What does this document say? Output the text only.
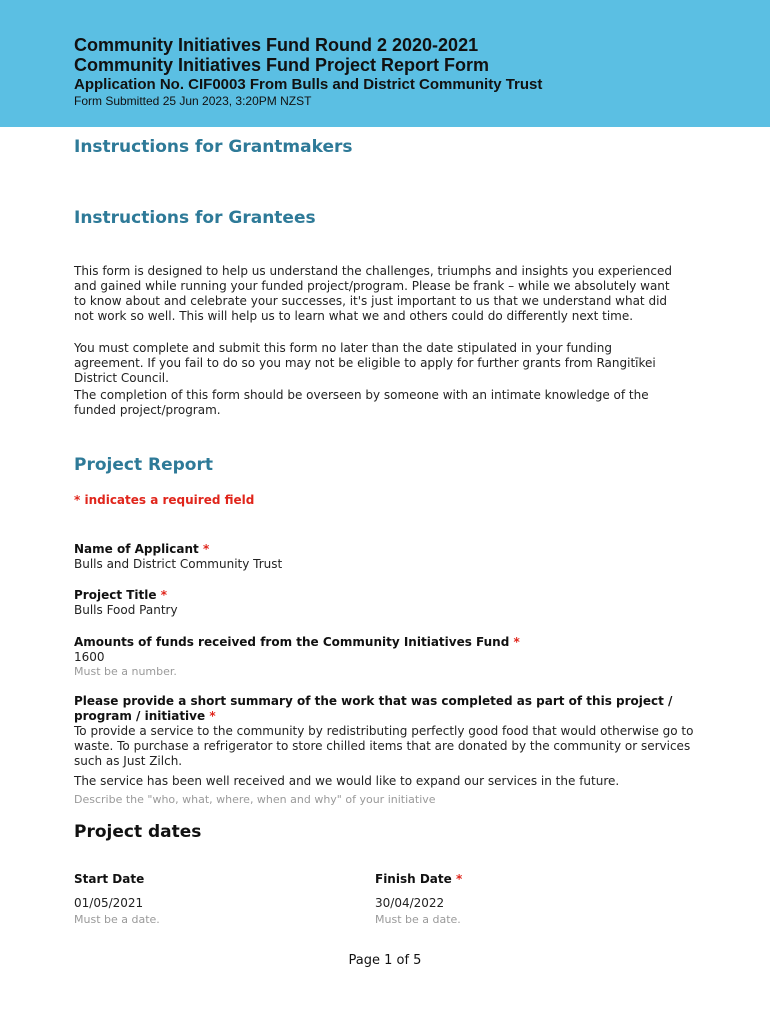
Community Initiatives Fund Round 2 2020-2021
Community Initiatives Fund Project Report Form
Application No. CIF0003 From Bulls and District Community Trust
Form Submitted 25 Jun 2023, 3:20PM NZST
Instructions for Grantmakers
Instructions for Grantees

This form is designed to help us understand the challenges, triumphs and insights you experienced and gained while running your funded project/program. Please be frank – while we absolutely want to know about and celebrate your successes, it's just important to us that we understand what did not work so well. This will help us to learn what we and others could do differently next time.

You must complete and submit this form no later than the date stipulated in your funding agreement. If you fail to do so you may not be eligible to apply for further grants from Rangitīkei District Council.

The completion of this form should be overseen by someone with an intimate knowledge of the funded project/program.

Project Report
* indicates a required field
Name of Applicant *

Bulls and District Community Trust

Project Title *

Bulls Food Pantry

Amounts of funds received from the Community Initiatives Fund *

1600

Must be a number.
Please provide a short summary of the work that was completed as part of this project / program / initiative *

To provide a service to the community by redistributing perfectly good food that would otherwise go to waste. To purchase a refrigerator to store chilled items that are donated by the community or services such as Just Zilch.

The service has been well received and we would like to expand our services in the future.

Describe the "who, what, where, when and why" of your initiative
Project dates
Start Date

01/05/2021

Must be a date.
Finish Date *

30/04/2022

Must be a date.
Page 1 of 5
